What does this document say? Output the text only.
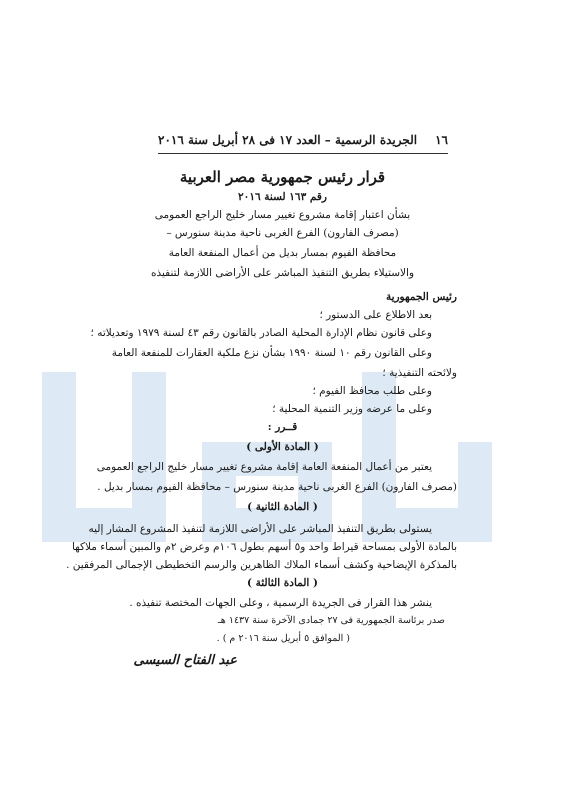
١٦
الجريدة الرسمية – العدد ١٧ فى ٢٨ أبريل سنة ٢٠١٦
قرار رئيس جمهورية مصر العربية
رقم ١٦٣ لسنة ٢٠١٦
بشأن اعتبار إقامة مشروع تغيير مسار خليج الراجع العمومى
(مصرف الفارون) الفرع الغربى ناحية مدينة سنورس –
محافظة الفيوم بمسار بديل من أعمال المنفعة العامة
والاستيلاء بطريق التنفيذ المباشر على الأراضى اللازمة لتنفيذه
رئيس الجمهورية
بعد الاطلاع على الدستور ؛
وعلى قانون نظام الإدارة المحلية الصادر بالقانون رقم ٤٣ لسنة ١٩٧٩ وتعديلاته ؛
وعلى القانون رقم ١٠ لسنة ١٩٩٠ بشأن نزع ملكية العقارات للمنفعة العامة
ولائحته التنفيذية ؛
وعلى طلب محافظ الفيوم ؛
وعلى ما عرضه وزير التنمية المحلية ؛
قــرر :
( المادة الأولى )
يعتبر من أعمال المنفعة العامة إقامة مشروع تغيير مسار خليج الراجع العمومى
(مصرف الفارون) الفرع الغربى ناحية مدينة سنورس – محافظة الفيوم بمسار بديل .
( المادة الثانية )
يستولى بطريق التنفيذ المباشر على الأراضى اللازمة لتنفيذ المشروع المشار إليه
بالمادة الأولى بمساحة قيراط واحد و٥ أسهم بطول ١٠٦م وعرض ٢م والمبين أسماء ملاكها
بالمذكرة الإيضاحية وكشف أسماء الملاك الظاهرين والرسم التخطيطى الإجمالى المرفقين .
( المادة الثالثة )
ينشر هذا القرار فى الجريدة الرسمية ، وعلى الجهات المختصة تنفيذه .
صدر برئاسة الجمهورية فى ٢٧ جمادى الآخرة سنة ١٤٣٧ هـ
( الموافق ٥ أبريل سنة ٢٠١٦ م ) .
عبد الفتاح السيسى
